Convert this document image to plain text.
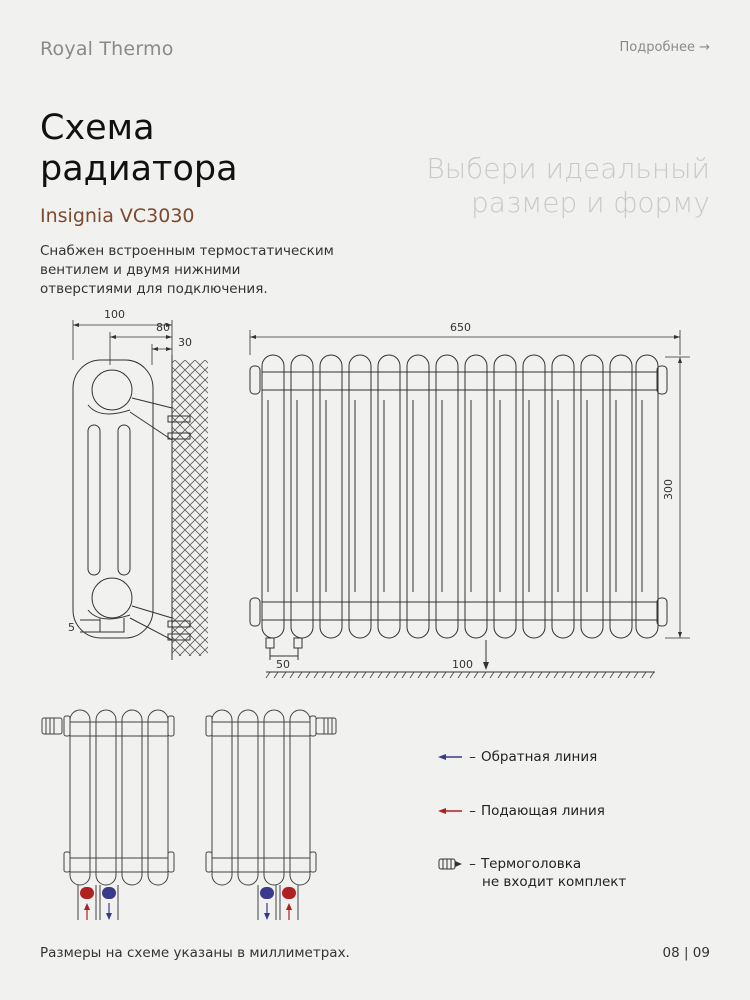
Royal Thermo	Подробнее →
Схема
радиатора	Выбери идеальный
размер и форму
Insignia VC3030
Снабжен встроенным термостатическим
вентилем и двумя нижними
отверстиями для подключения.
100
80
30
5
650
300
50	100
– Обратная линия
– Подающая линия
– Термоголовка
не входит комплект
Размеры на схеме указаны в миллиметрах.	08 | 09
